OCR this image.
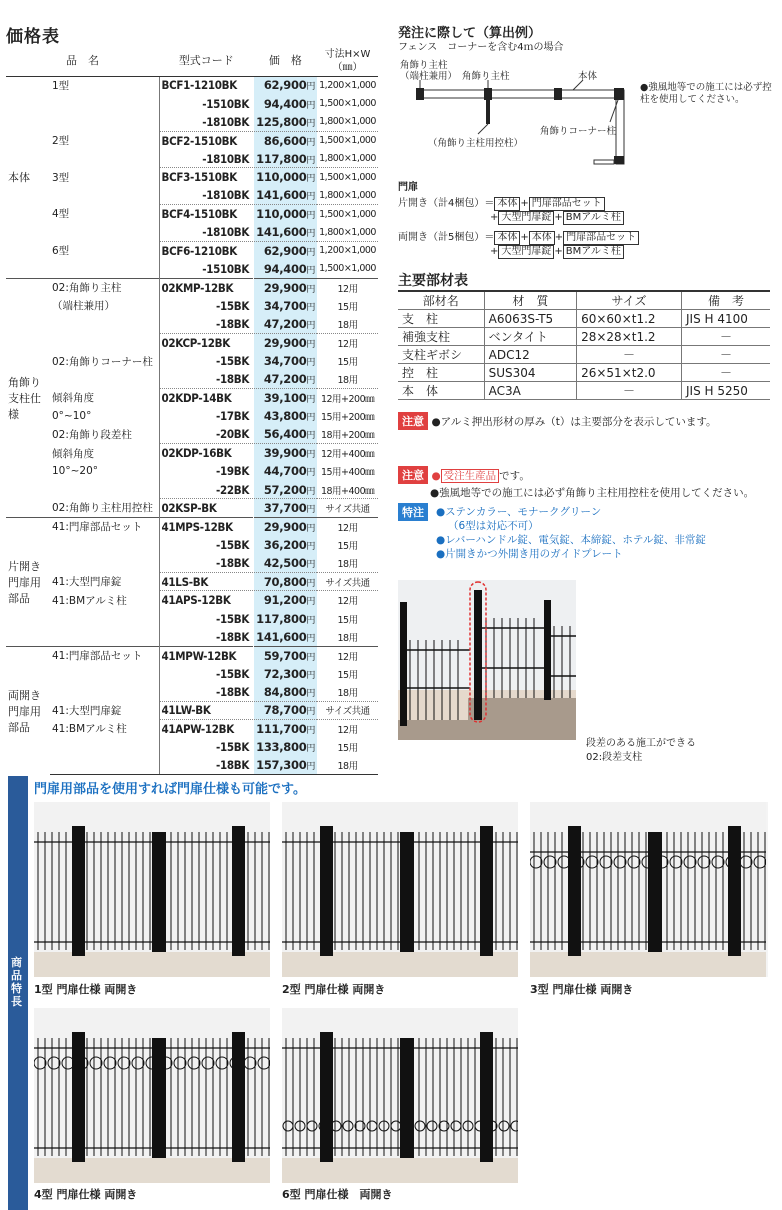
価格表
品　名		型式コード	価　格	寸法H×W
（㎜）

本体	1型	BCF1-1210BK	62,900円	1,200×1,000
		-1510BK	94,400円	1,500×1,000
		-1810BK	125,800円	1,800×1,000
	2型	BCF2-1510BK	86,600円	1,500×1,000
		-1810BK	117,800円	1,800×1,000
	3型	BCF3-1510BK	110,000円	1,500×1,000
		-1810BK	141,600円	1,800×1,000
	4型	BCF4-1510BK	110,000円	1,500×1,000
		-1810BK	141,600円	1,800×1,000
	6型	BCF6-1210BK	62,900円	1,200×1,000
		-1510BK	94,400円	1,500×1,000
角飾り支柱仕様	02:角飾り主柱	02KMP-12BK	29,900円	12用
	（端柱兼用）	-15BK	34,700円	15用
		-18BK	47,200円	18用
		02KCP-12BK	29,900円	12用
	02:角飾りコーナー柱	-15BK	34,700円	15用
		-18BK	47,200円	18用
	傾斜角度	02KDP-14BK	39,100円	12用+200㎜
	0°~10°	-17BK	43,800円	15用+200㎜
	02:角飾り段差柱	-20BK	56,400円	18用+200㎜
	傾斜角度	02KDP-16BK	39,900円	12用+400㎜
	10°~20°	-19BK	44,700円	15用+400㎜
		-22BK	57,200円	18用+400㎜
	02:角飾り主柱用控柱	02KSP-BK	37,700円	サイズ共通
片開き門扉用部品	41:門扉部品セット	41MPS-12BK	29,900円	12用
		-15BK	36,200円	15用
		-18BK	42,500円	18用
	41:大型門扉錠	41LS-BK	70,800円	サイズ共通
	41:BMアルミ柱	41APS-12BK	91,200円	12用
		-15BK	117,800円	15用
		-18BK	141,600円	18用
両開き門扉用部品	41:門扉部品セット	41MPW-12BK	59,700円	12用
		-15BK	72,300円	15用
		-18BK	84,800円	18用
	41:大型門扉錠	41LW-BK	78,700円	サイズ共通
	41:BMアルミ柱	41APW-12BK	111,700円	12用
		-15BK	133,800円	15用
		-18BK	157,300円	18用
発注に際して（算出例）
フェンス　コーナーを含む4ｍの場合
角飾り主柱
（端柱兼用） 角飾り主柱	本体
角飾りコーナー柱
（角飾り主柱用控柱）
●強風地等での施工には必ず控柱を使用してください。
門扉
片開き（計4梱包）＝ 本体 + 門扉部品セット
+ 大型門扉錠 + BMアルミ柱
両開き（計5梱包）＝ 本体 + 本体 + 門扉部品セット
+ 大型門扉錠 + BMアルミ柱
主要部材表
部材名	材　質	サイズ	備　考
支　柱	A6063S-T5	60×60×t1.2	JIS H 4100
補強支柱	ベンタイト	28×28×t1.2	－
支柱ギボシ	ADC12	－	－
控　柱	SUS304	26×51×t2.0	－
本　体	AC3A	－	JIS H 5250
注意 ●アルミ押出形材の厚み（t）は主要部分を表示しています。
注意 ● 受注生産品 です。
●強風地等での施工には必ず角飾り主柱用控柱を使用してください。
特注	●ステンカラー、モナークグリーン
（6型は対応不可）
●レバーハンドル錠、電気錠、本締錠、ホテル錠、非常錠
●片開きかつ外開き用のガイドプレート
段差のある施工ができる
02:段差支柱
商品特長
門扉用部品を使用すれば門扉仕様も可能です。
1型 門扉仕様 両開き	2型 門扉仕様 両開き	3型 門扉仕様 両開き
4型 門扉仕様 両開き	6型 門扉仕様　両開き
